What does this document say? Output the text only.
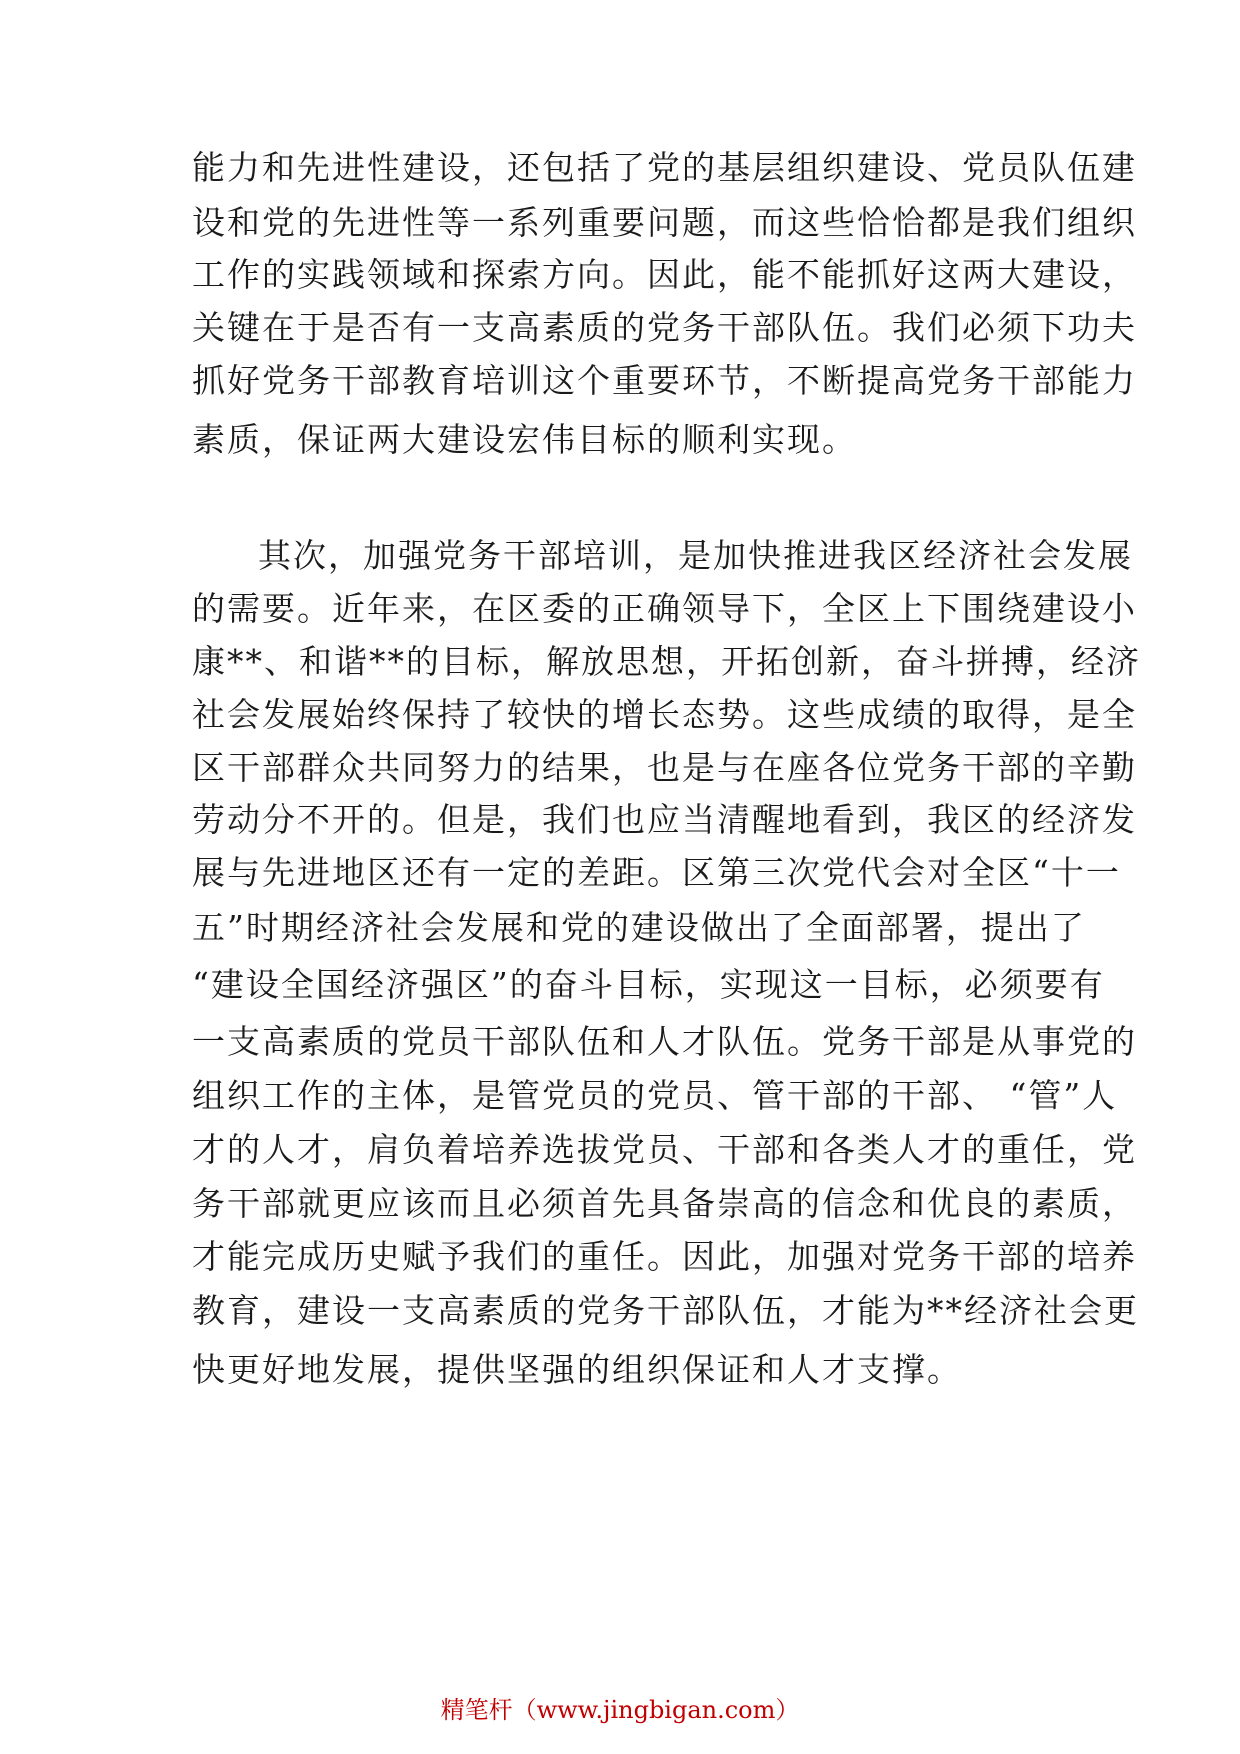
能力和先进性建设，还包括了党的基层组织建设、党员队伍建
设和党的先进性等一系列重要问题，而这些恰恰都是我们组织
工作的实践领域和探索方向。因此，能不能抓好这两大建设，
关键在于是否有一支高素质的党务干部队伍。我们必须下功夫
抓好党务干部教育培训这个重要环节，不断提高党务干部能力
素质，保证两大建设宏伟目标的顺利实现。
其次，加强党务干部培训，是加快推进我区经济社会发展
的需要。近年来，在区委的正确领导下，全区上下围绕建设小
康**、和谐**的目标，解放思想，开拓创新，奋斗拼搏，经济
社会发展始终保持了较快的增长态势。这些成绩的取得，是全
区干部群众共同努力的结果，也是与在座各位党务干部的辛勤
劳动分不开的。但是，我们也应当清醒地看到，我区的经济发
展与先进地区还有一定的差距。区第三次党代会对全区“十一
五”时期经济社会发展和党的建设做出了全面部署，提出了
“建设全国经济强区”的奋斗目标，实现这一目标，必须要有
一支高素质的党员干部队伍和人才队伍。党务干部是从事党的
组织工作的主体，是管党员的党员、管干部的干部、 “管”人
才的人才，肩负着培养选拔党员、干部和各类人才的重任，党
务干部就更应该而且必须首先具备崇高的信念和优良的素质，
才能完成历史赋予我们的重任。因此，加强对党务干部的培养
教育，建设一支高素质的党务干部队伍，才能为**经济社会更
快更好地发展，提供坚强的组织保证和人才支撑。
精笔杆（www.jingbigan.com）
